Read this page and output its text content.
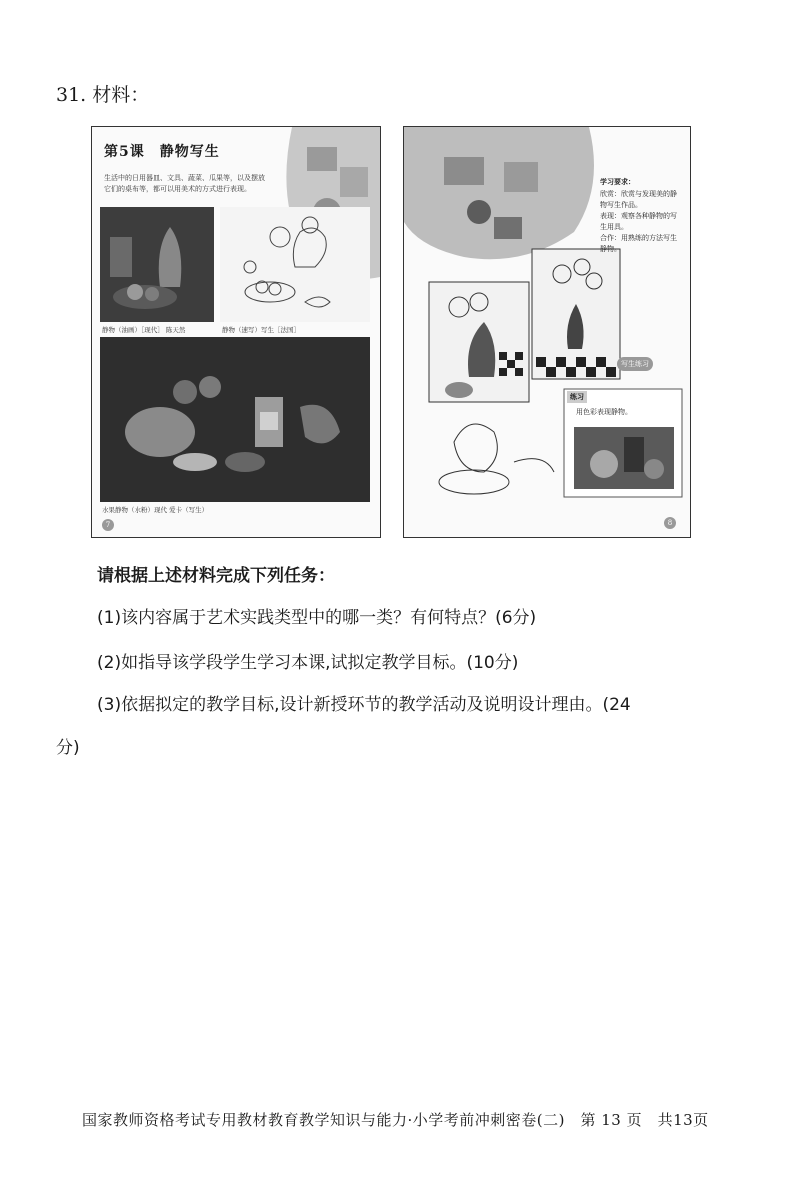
31. 材料：
第5课　静物写生
生活中的日用器皿、文具、蔬菜、瓜果等，以及摆放它们的桌布等，都可以用美术的方式进行表现。
静物（油画）［现代］ 陈天然	静物（速写）写生［法国］
水果静物（水粉）现代 爱卡（写生）
7
学习要求：
欣赏：欣赏与发现美的静物写生作品。
表现：观察各种静物的写生用具。
合作：用熟练的方法写生静物。
写生练习
练习
用色彩表现静物。
8
请根据上述材料完成下列任务：
(1)该内容属于艺术实践类型中的哪一类？有何特点？(6分)
(2)如指导该学段学生学习本课,试拟定教学目标。(10分)
(3)依据拟定的教学目标,设计新授环节的教学活动及说明设计理由。(24
分)
国家教师资格考试专用教材教育教学知识与能力·小学考前冲刺密卷(二)　第 13 页　共13页
